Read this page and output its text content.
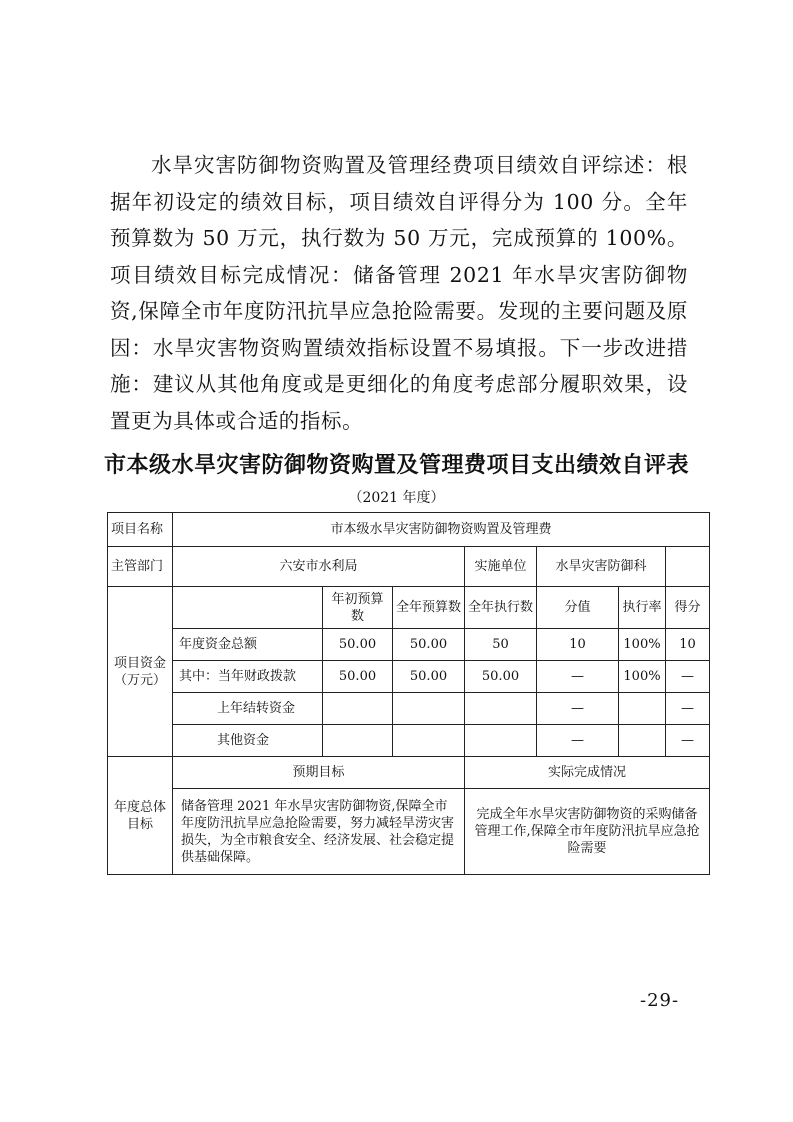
水旱灾害防御物资购置及管理经费项目绩效自评综述：根据年初设定的绩效目标，项目绩效自评得分为 100 分。全年预算数为 50 万元，执行数为 50 万元，完成预算的 100%。项目绩效目标完成情况：储备管理 2021 年水旱灾害防御物资,保障全市年度防汛抗旱应急抢险需要。发现的主要问题及原因：水旱灾害物资购置绩效指标设置不易填报。下一步改进措施：建议从其他角度或是更细化的角度考虑部分履职效果，设置更为具体或合适的指标。

市本级水旱灾害防御物资购置及管理费项目支出绩效自评表

（2021 年度）

项目名称	市本级水旱灾害防御物资购置及管理费						
主管部门	六安市水利局			实施单位	水旱灾害防御科		
项目资金（万元）		年初预算数	全年预算数	全年执行数	分值	执行率	得分
	年度资金总额	50.00	50.00	50	10	100%	10
	其中：当年财政拨款	50.00	50.00	50.00	—	100%	—
	上年结转资金				—		—
	其他资金				—		—
年度总体目标	预期目标			实际完成情况			
	储备管理 2021 年水旱灾害防御物资,保障全市年度防汛抗旱应急抢险需要，努力减轻旱涝灾害损失，为全市粮食安全、经济发展、社会稳定提供基础保障。			完成全年水旱灾害防御物资的采购储备管理工作,保障全市年度防汛抗旱应急抢险需要			

-29-
